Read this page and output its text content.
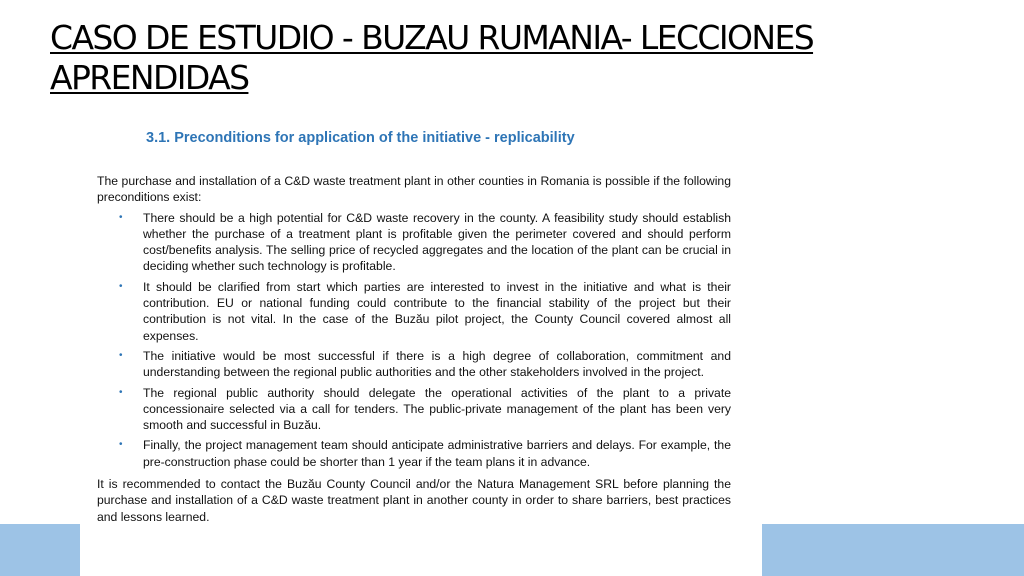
CASO DE ESTUDIO - BUZAU RUMANIA- LECCIONES APRENDIDAS
3.1. Preconditions for application of the initiative - replicability

The purchase and installation of a C&D waste treatment plant in other counties in Romania is possible if the following preconditions exist:

• There should be a high potential for C&D waste recovery in the county. A feasibility study should establish whether the purchase of a treatment plant is profitable given the perimeter covered and should perform cost/benefits analysis. The selling price of recycled aggregates and the location of the plant can be crucial in deciding whether such technology is profitable.
• It should be clarified from start which parties are interested to invest in the initiative and what is their contribution. EU or national funding could contribute to the financial stability of the project but their contribution is not vital. In the case of the Buzău pilot project, the County Council covered almost all expenses.
• The initiative would be most successful if there is a high degree of collaboration, commitment and understanding between the regional public authorities and the other stakeholders involved in the project.
• The regional public authority should delegate the operational activities of the plant to a private concessionaire selected via a call for tenders. The public-private management of the plant has been very smooth and successful in Buzău.
• Finally, the project management team should anticipate administrative barriers and delays. For example, the pre-construction phase could be shorter than 1 year if the team plans it in advance.

It is recommended to contact the Buzău County Council and/or the Natura Management SRL before planning the purchase and installation of a C&D waste treatment plant in another county in order to share barriers, best practices and lessons learned.
